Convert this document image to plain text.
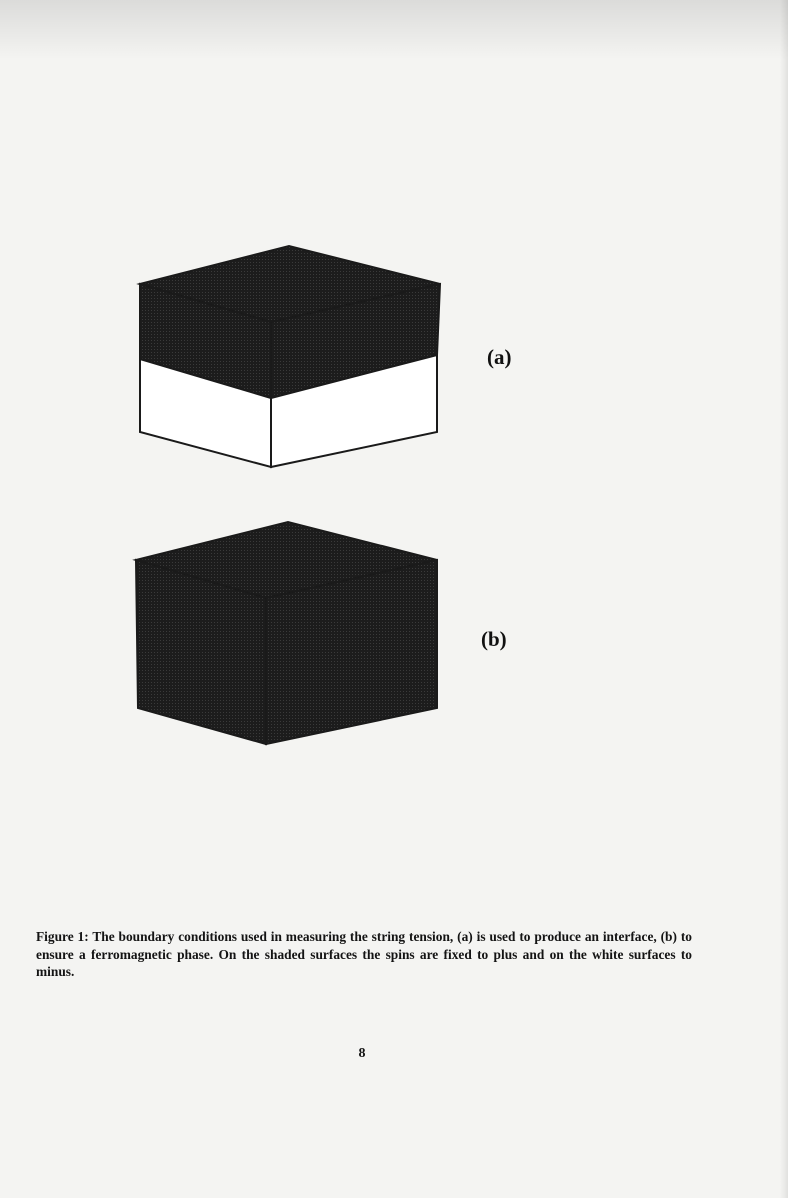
(a)
(b)

Figure 1: The boundary conditions used in measuring the string tension, (a) is used to produce an interface, (b) to ensure a ferromagnetic phase. On the shaded surfaces the spins are fixed to plus and on the white surfaces to minus.

8
